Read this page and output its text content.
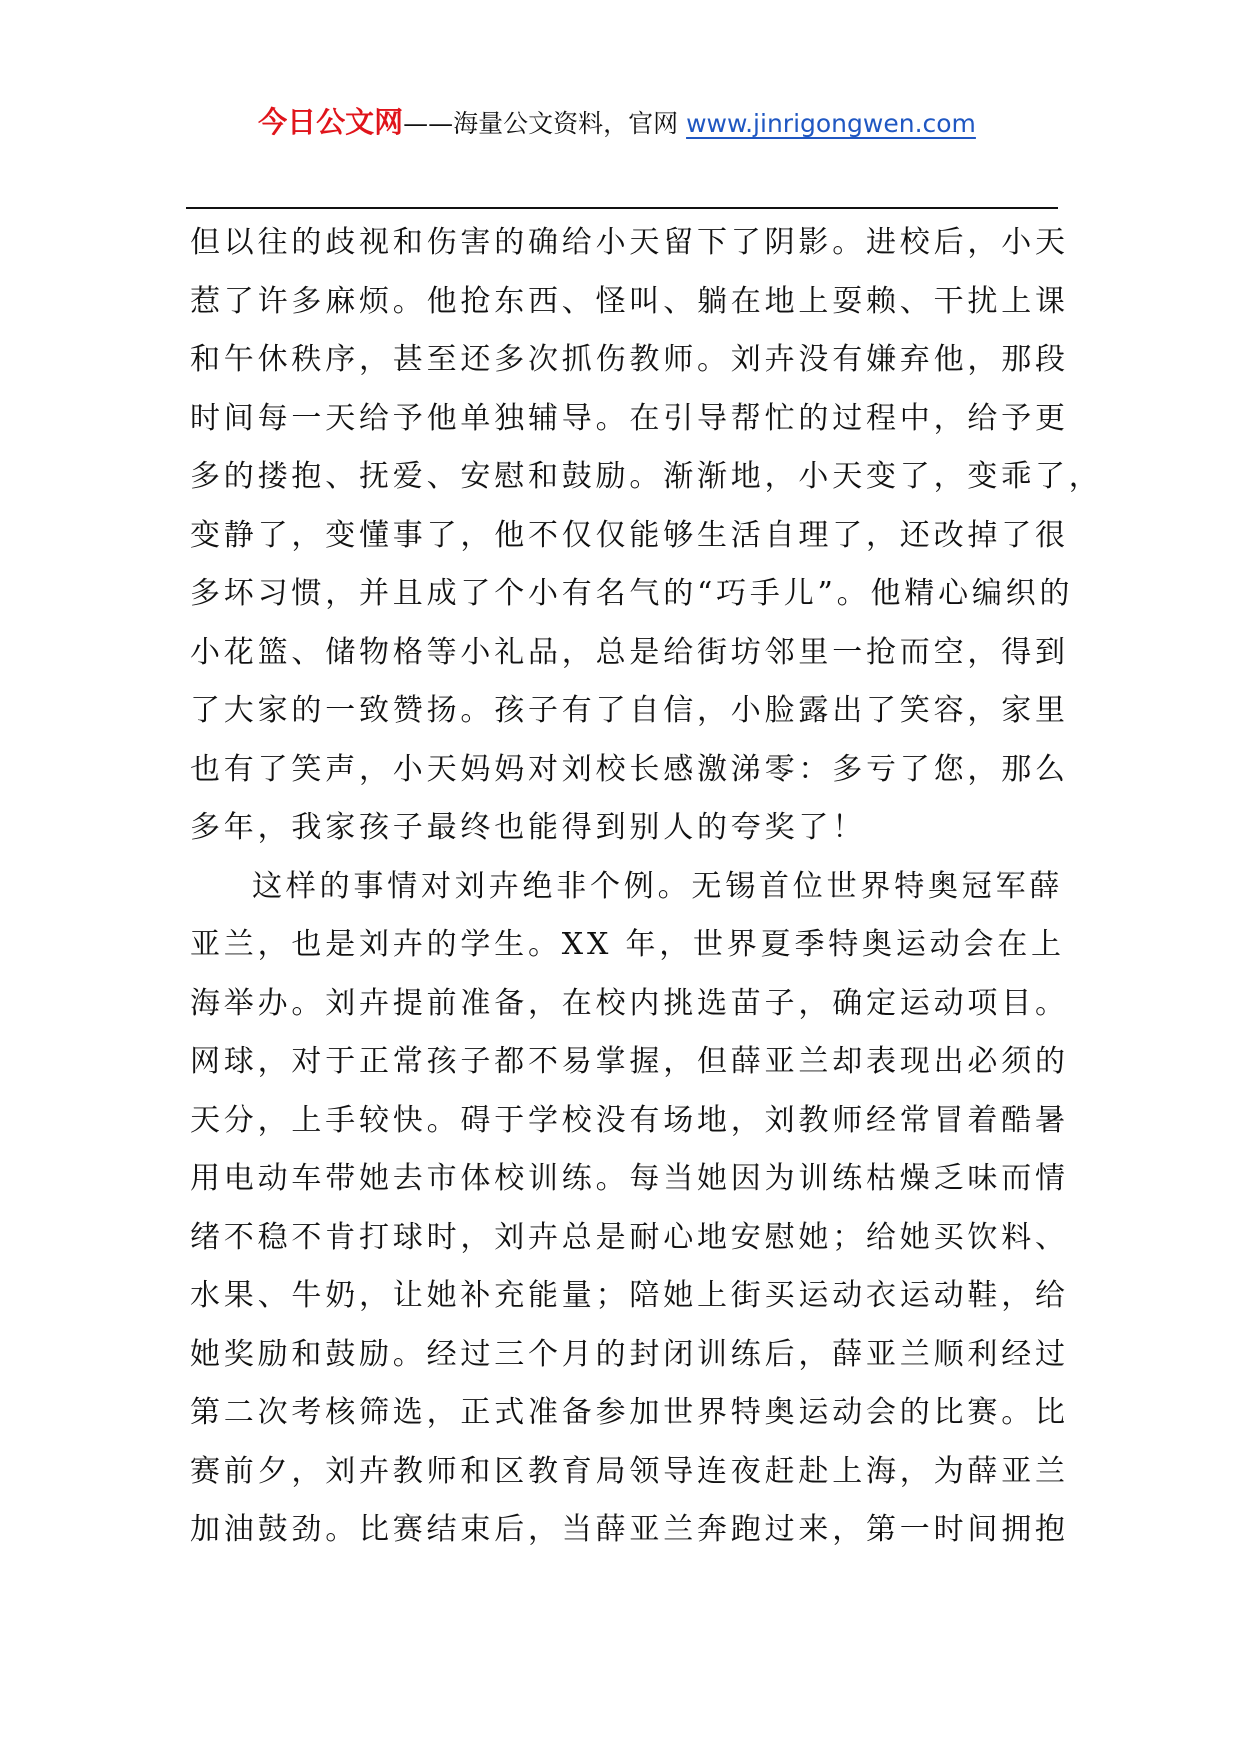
今日公文网——海量公文资料，官网 www.jinrigongwen.com

但以往的歧视和伤害的确给小天留下了阴影。进校后，小天
惹了许多麻烦。他抢东西、怪叫、躺在地上耍赖、干扰上课
和午休秩序，甚至还多次抓伤教师。刘卉没有嫌弃他，那段
时间每一天给予他单独辅导。在引导帮忙的过程中，给予更
多的搂抱、抚爱、安慰和鼓励。渐渐地，小天变了，变乖了，
变静了，变懂事了，他不仅仅能够生活自理了，还改掉了很
多坏习惯，并且成了个小有名气的“巧手儿”。他精心编织的
小花篮、储物格等小礼品，总是给街坊邻里一抢而空，得到
了大家的一致赞扬。孩子有了自信，小脸露出了笑容，家里
也有了笑声，小天妈妈对刘校长感激涕零：多亏了您，那么
多年，我家孩子最终也能得到别人的夸奖了！

这样的事情对刘卉绝非个例。无锡首位世界特奥冠军薛
亚兰，也是刘卉的学生。XX 年，世界夏季特奥运动会在上
海举办。刘卉提前准备，在校内挑选苗子，确定运动项目。
网球，对于正常孩子都不易掌握，但薛亚兰却表现出必须的
天分，上手较快。碍于学校没有场地，刘教师经常冒着酷暑
用电动车带她去市体校训练。每当她因为训练枯燥乏味而情
绪不稳不肯打球时，刘卉总是耐心地安慰她；给她买饮料、
水果、牛奶，让她补充能量；陪她上街买运动衣运动鞋，给
她奖励和鼓励。经过三个月的封闭训练后，薛亚兰顺利经过
第二次考核筛选，正式准备参加世界特奥运动会的比赛。比
赛前夕，刘卉教师和区教育局领导连夜赶赴上海，为薛亚兰
加油鼓劲。比赛结束后，当薛亚兰奔跑过来，第一时间拥抱
